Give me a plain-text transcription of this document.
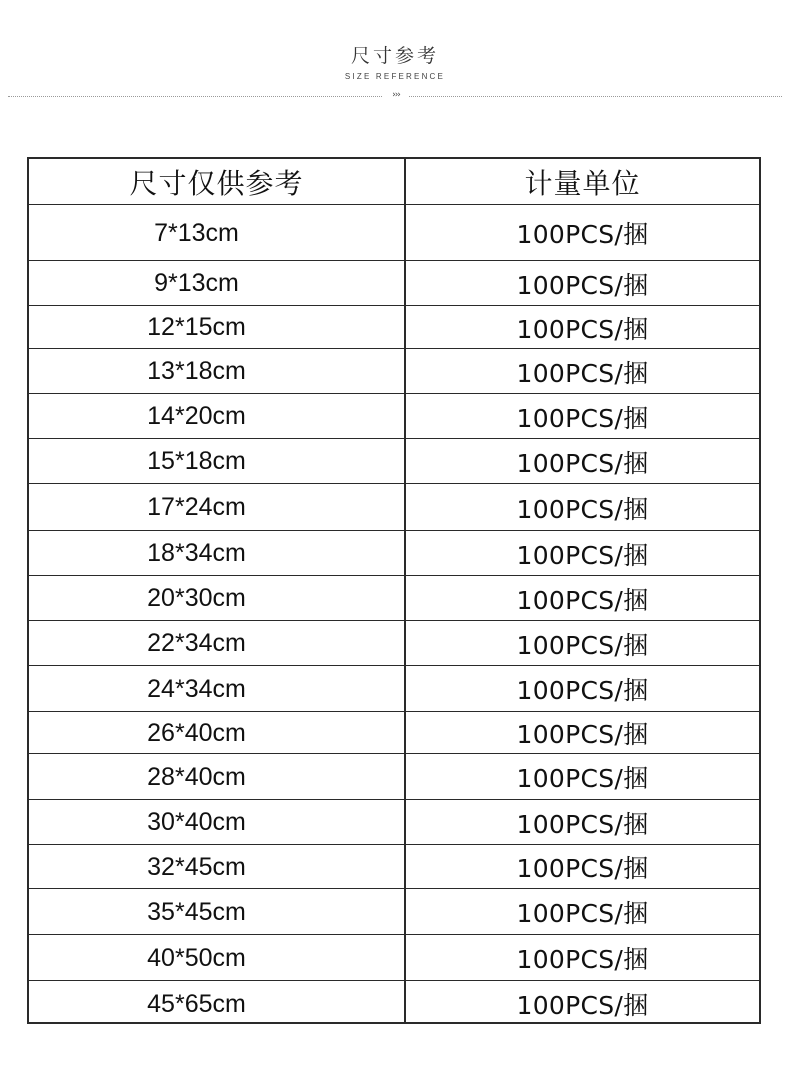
尺寸参考
SIZE REFERENCE
›››
尺寸仅供参考	计量单位
7*13cm	100PCS/捆
9*13cm	100PCS/捆
12*15cm	100PCS/捆
13*18cm	100PCS/捆
14*20cm	100PCS/捆
15*18cm	100PCS/捆
17*24cm	100PCS/捆
18*34cm	100PCS/捆
20*30cm	100PCS/捆
22*34cm	100PCS/捆
24*34cm	100PCS/捆
26*40cm	100PCS/捆
28*40cm	100PCS/捆
30*40cm	100PCS/捆
32*45cm	100PCS/捆
35*45cm	100PCS/捆
40*50cm	100PCS/捆
45*65cm	100PCS/捆
